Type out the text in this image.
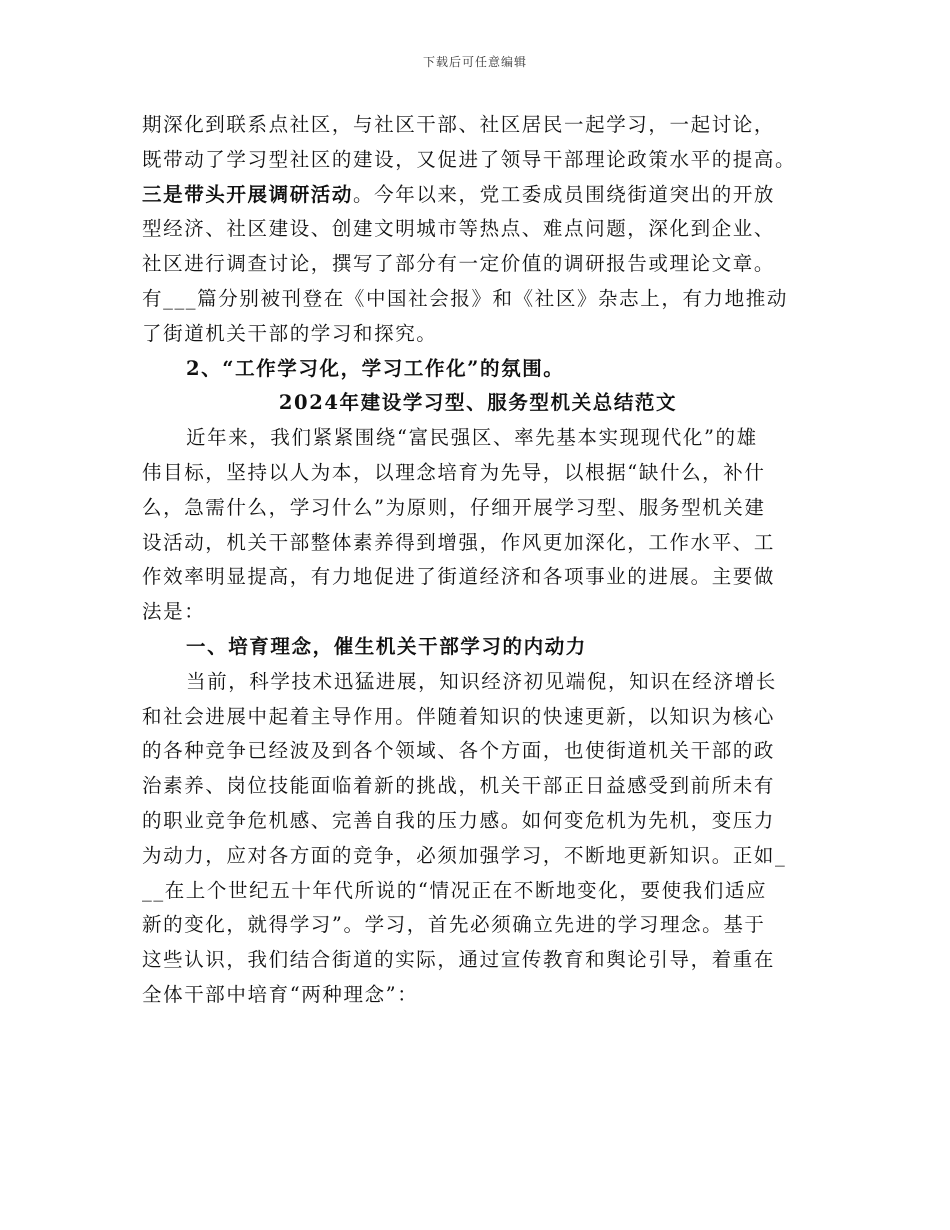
下载后可任意编辑
期深化到联系点社区，与社区干部、社区居民一起学习，一起讨论，
既带动了学习型社区的建设，又促进了领导干部理论政策水平的提高。
三是带头开展调研活动。今年以来，党工委成员围绕街道突出的开放
型经济、社区建设、创建文明城市等热点、难点问题，深化到企业、
社区进行调查讨论，撰写了部分有一定价值的调研报告或理论文章。
有___篇分别被刊登在《中国社会报》和《社区》杂志上，有力地推动
了街道机关干部的学习和探究。
2、“工作学习化，学习工作化”的氛围。
2024年建设学习型、服务型机关总结范文
近年来，我们紧紧围绕“富民强区、率先基本实现现代化”的雄
伟目标，坚持以人为本，以理念培育为先导，以根据“缺什么，补什
么，急需什么，学习什么”为原则，仔细开展学习型、服务型机关建
设活动，机关干部整体素养得到增强，作风更加深化，工作水平、工
作效率明显提高，有力地促进了街道经济和各项事业的进展。主要做
法是：
一、培育理念，催生机关干部学习的内动力
当前，科学技术迅猛进展，知识经济初见端倪，知识在经济增长
和社会进展中起着主导作用。伴随着知识的快速更新，以知识为核心
的各种竞争已经波及到各个领域、各个方面，也使街道机关干部的政
治素养、岗位技能面临着新的挑战，机关干部正日益感受到前所未有
的职业竞争危机感、完善自我的压力感。如何变危机为先机，变压力
为动力，应对各方面的竞争，必须加强学习，不断地更新知识。正如_
__在上个世纪五十年代所说的“情况正在不断地变化，要使我们适应
新的变化，就得学习”。学习，首先必须确立先进的学习理念。基于
这些认识，我们结合街道的实际，通过宣传教育和舆论引导，着重在
全体干部中培育“两种理念”：
